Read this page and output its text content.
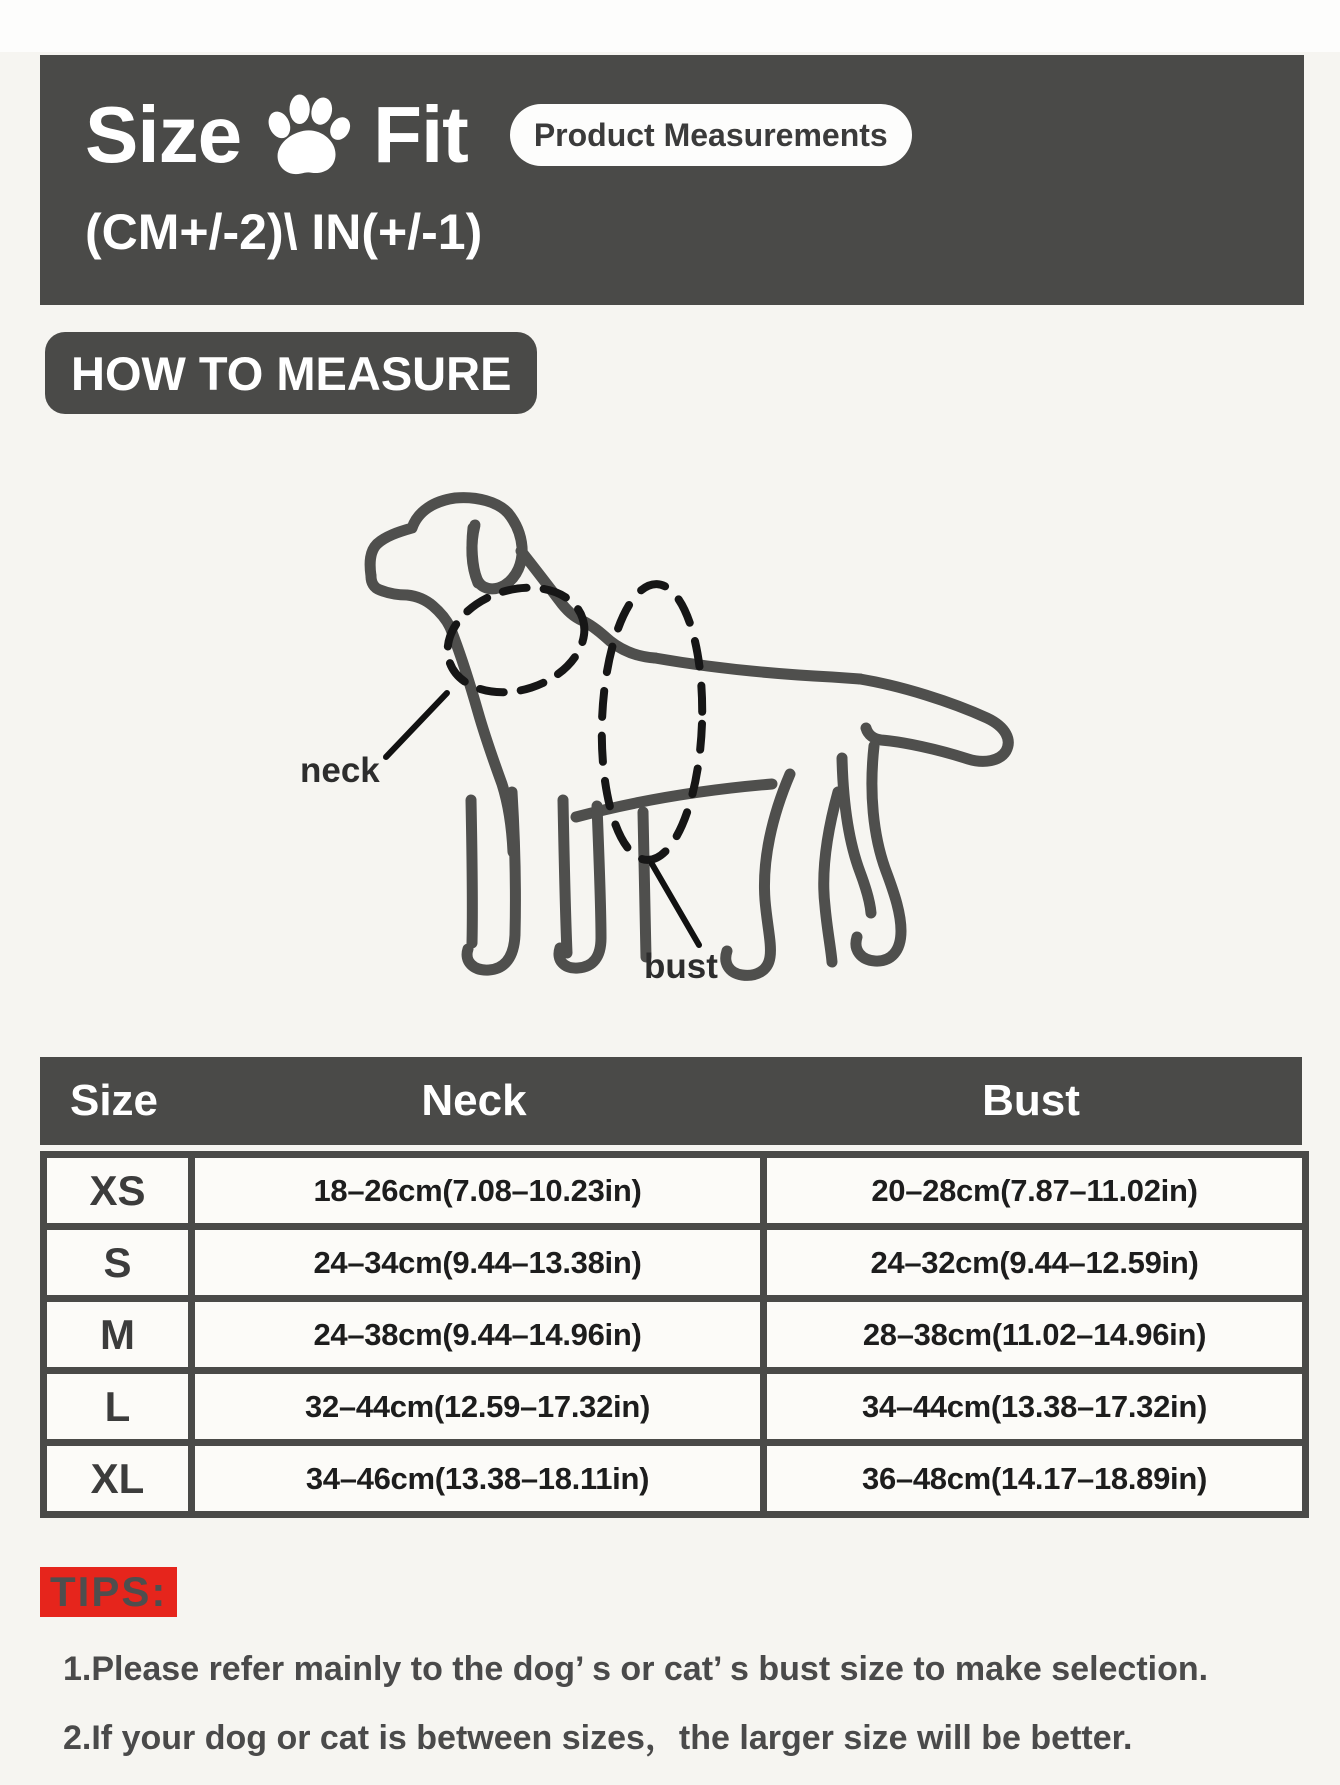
Size Fit	Product Measurements
(CM+/-2)\ IN(+/-1)
HOW TO MEASURE
neck
bust
Size	Neck	Bust
XS	18–26cm(7.08–10.23in)	20–28cm(7.87–11.02in)
S	24–34cm(9.44–13.38in)	24–32cm(9.44–12.59in)
M	24–38cm(9.44–14.96in)	28–38cm(11.02–14.96in)
L	32–44cm(12.59–17.32in)	34–44cm(13.38–17.32in)
XL	34–46cm(13.38–18.11in)	36–48cm(14.17–18.89in)
TIPS:
1.Please refer mainly to the dog’ s or cat’ s bust size to make selection.
2.If your dog or cat is between sizes，the larger size will be better.
